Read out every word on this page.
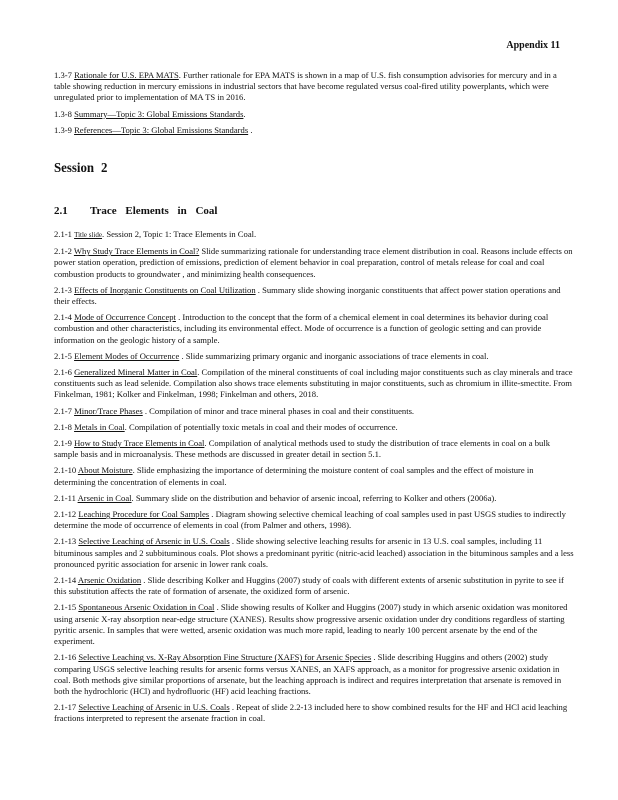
Appendix 11

1.3-7 Rationale for U.S. EPA MATS. Further rationale for EPA MATS is shown in a map of U.S. fish consumption advisories for mercury and in a table showing reduction in mercury emissions in industrial sectors that have become regulated versus coal-fired utility powerplants, which were unregulated prior to implementation of MA TS in 2016.

1.3-8 Summary—Topic 3: Global Emissions Standards.

1.3-9 References—Topic 3: Global Emissions Standards .

Session 2
2.1 Trace Elements in Coal

2.1-1 Title slide. Session 2, Topic 1: Trace Elements in Coal.

2.1-2 Why Study Trace Elements in Coal? Slide summarizing rationale for understanding trace element distribution in coal. Reasons include effects on power station operation, prediction of emissions, prediction of element behavior in coal preparation, control of metals release for coal and coal combustion products to groundwater , and minimizing health consequences.

2.1-3 Effects of Inorganic Constituents on Coal Utilization . Summary slide showing inorganic constituents that affect power station operations and their effects.

2.1-4 Mode of Occurrence Concept . Introduction to the concept that the form of a chemical element in coal determines its behavior during coal combustion and other characteristics, including its environmental effect. Mode of occurrence is a function of geologic setting and can provide information on the geologic history of a sample.

2.1-5 Element Modes of Occurrence . Slide summarizing primary organic and inorganic associations of trace elements in coal.

2.1-6 Generalized Mineral Matter in Coal. Compilation of the mineral constituents of coal including major constituents such as clay minerals and trace constituents such as lead selenide. Compilation also shows trace elements substituting in major constituents, such as chromium in illite-smectite. From Finkelman, 1981; Kolker and Finkelman, 1998; Finkelman and others, 2018.

2.1-7 Minor/Trace Phases . Compilation of minor and trace mineral phases in coal and their constituents.

2.1-8 Metals in Coal. Compilation of potentially toxic metals in coal and their modes of occurrence.

2.1-9 How to Study Trace Elements in Coal. Compilation of analytical methods used to study the distribution of trace elements in coal on a bulk sample basis and in microanalysis. These methods are discussed in greater detail in section 5.1.

2.1-10 About Moisture. Slide emphasizing the importance of determining the moisture content of coal samples and the effect of moisture in determining the concentration of elements in coal.

2.1-11 Arsenic in Coal. Summary slide on the distribution and behavior of arsenic incoal, referring to Kolker and others (2006a).

2.1-12 Leaching Procedure for Coal Samples . Diagram showing selective chemical leaching of coal samples used in past USGS studies to indirectly determine the mode of occurrence of elements in coal (from Palmer and others, 1998).

2.1-13 Selective Leaching of Arsenic in U.S. Coals . Slide showing selective leaching results for arsenic in 13 U.S. coal samples, including 11 bituminous samples and 2 subbituminous coals. Plot shows a predominant pyritic (nitric-acid leached) association in the bituminous samples and a less pronounced pyritic association for arsenic in lower rank coals.

2.1-14 Arsenic Oxidation . Slide describing Kolker and Huggins (2007) study of coals with different extents of arsenic substitution in pyrite to see if this substitution affects the rate of formation of arsenate, the oxidized form of arsenic.

2.1-15 Spontaneous Arsenic Oxidation in Coal . Slide showing results of Kolker and Huggins (2007) study in which arsenic oxidation was monitored using arsenic X-ray absorption near-edge structure (XANES). Results show progressive arsenic oxidation under dry conditions regardless of starting pyritic arsenic. In samples that were wetted, arsenic oxidation was much more rapid, leading to nearly 100 percent arsenate by the end of the experiment.

2.1-16 Selective Leaching vs. X-Ray Absorption Fine Structure (XAFS) for Arsenic Species . Slide describing Huggins and others (2002) study comparing USGS selective leaching results for arsenic forms versus XANES, an XAFS approach, as a monitor for progressive arsenic oxidation in coal. Both methods give similar proportions of arsenate, but the leaching approach is indirect and requires interpretation that arsenate is removed in both the hydrochloric (HCl) and hydrofluoric (HF) acid leaching fractions.

2.1-17 Selective Leaching of Arsenic in U.S. Coals . Repeat of slide 2.2-13 included here to show combined results for the HF and HCl acid leaching fractions interpreted to represent the arsenate fraction in coal.
